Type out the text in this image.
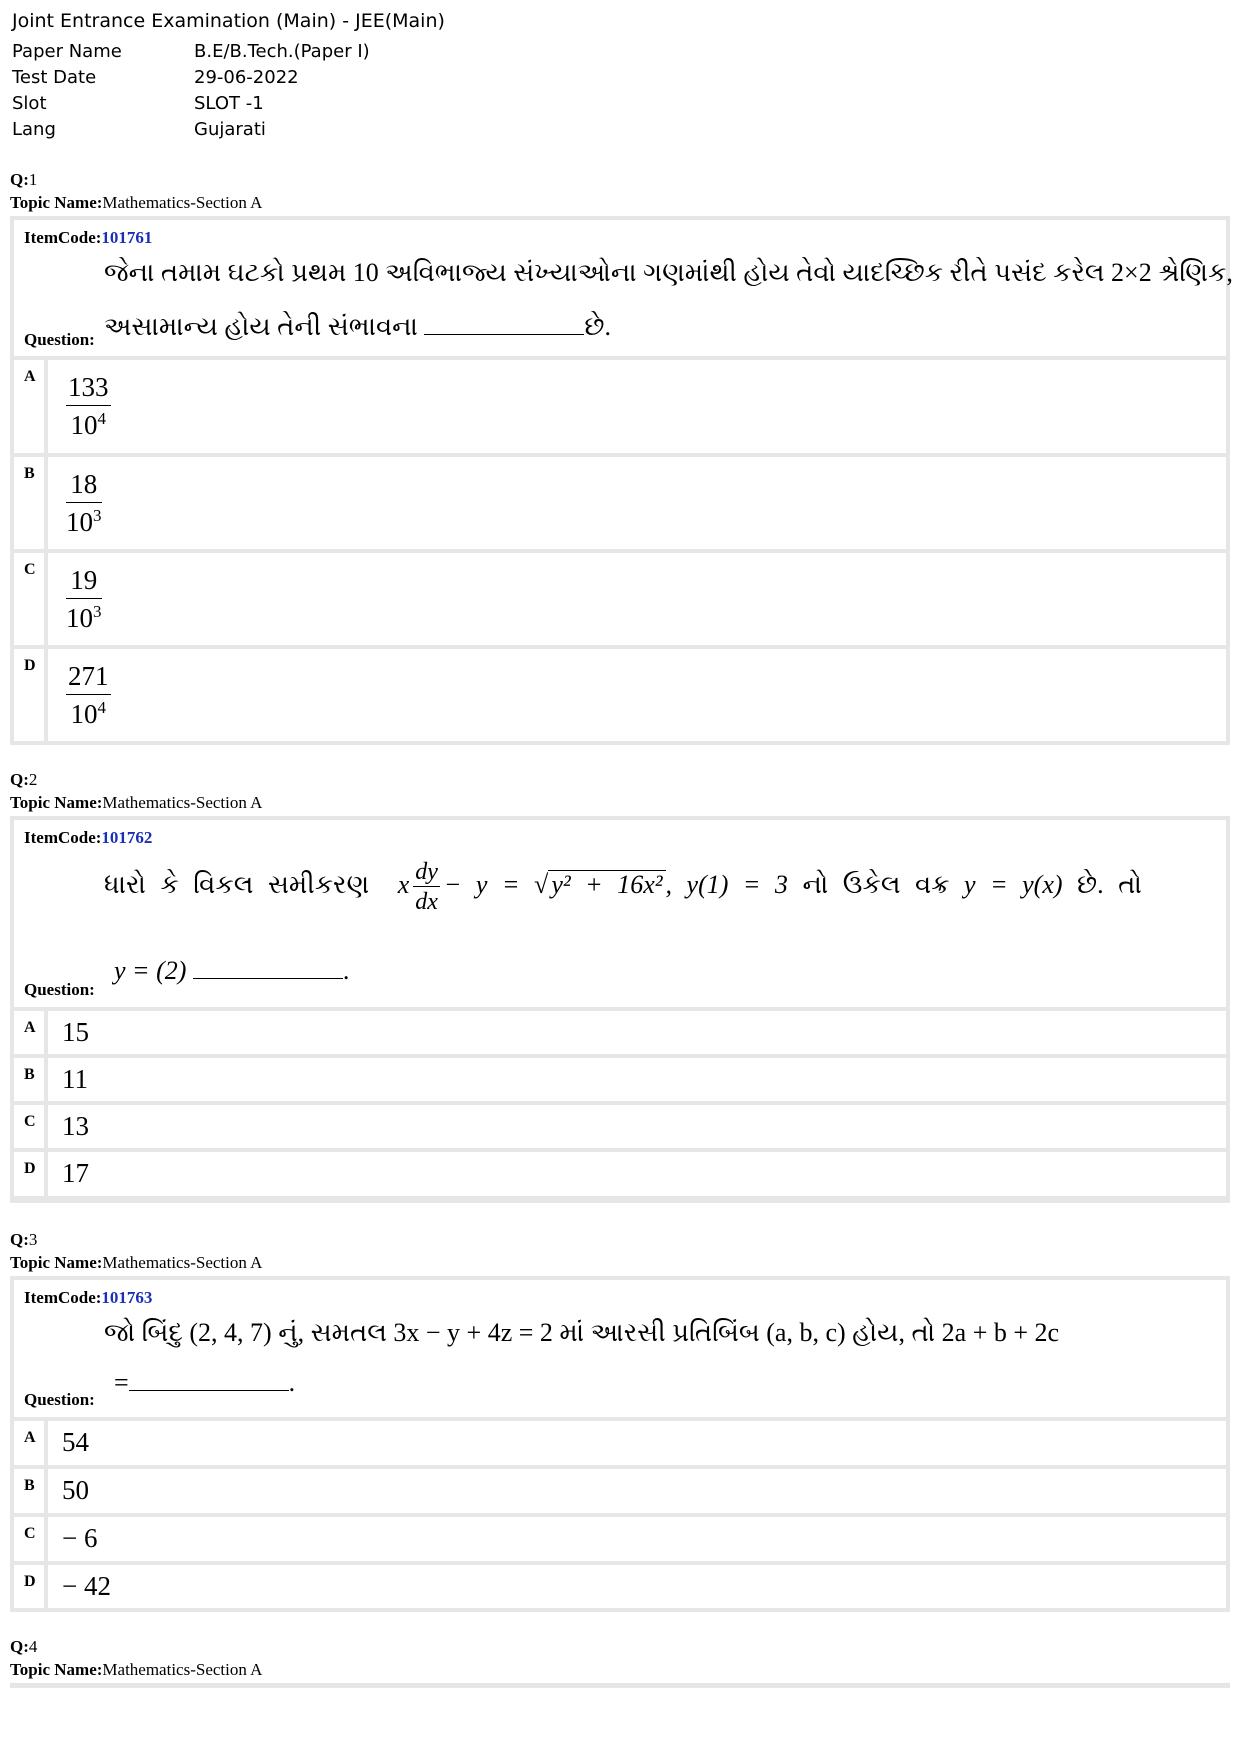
Joint Entrance Examination (Main) - JEE(Main)
Paper Name	B.E/B.Tech.(Paper I)
Test Date	29-06-2022
Slot	SLOT -1
Lang	Gujarati
Q:1
Topic Name:Mathematics-Section A
ItemCode:101761
જેના તમામ ઘટકો પ્રથમ 10 અવિભાજ્ય સંખ્યાઓના ગણમાંથી હોય તેવો યાદચ્છિક રીતે પસંદ કરેલ 2×2 શ્રેણિક,
અસામાન્ય હોય તેની સંભાવના	છે.
Question:
A $\frac{133}{10^4}$
B $\frac{18}{10^3}$
C $\frac{19}{10^3}$
D $\frac{271}{10^4}$
Q:2
Topic Name:Mathematics-Section A
ItemCode:101762
ધારો કે વિકલ સમીકરણ x $\frac{dy}{dx} - y$ = √ y² + 16x² , y(1) = 3 નો ઉકેલ વક્ર y = y(x) છે. તો
y = (2)	.
Question:
A 15
B 11
C 13
D 17
Q:3
Topic Name:Mathematics-Section A
ItemCode:101763
જો બિંદુ (2, 4, 7) નું, સમતલ 3x − y + 4z = 2 માં આરસી પ્રતિબિંબ (a, b, c) હોય, તો 2a + b + 2c
=	.
Question:
A 54
B 50
C − 6
D − 42
Q:4
Topic Name:Mathematics-Section A
